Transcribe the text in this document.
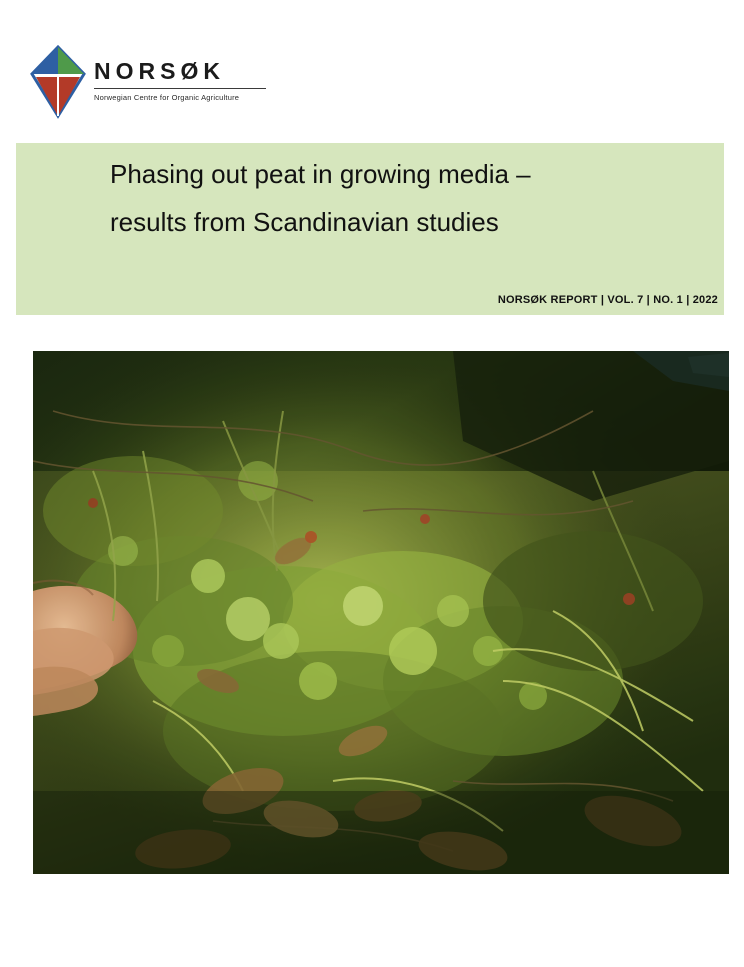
NORSØK
Norwegian Centre for Organic Agriculture
Phasing out peat in growing media –
results from Scandinavian studies
NORSØK REPORT | VOL. 7 | NO. 1 | 2022
